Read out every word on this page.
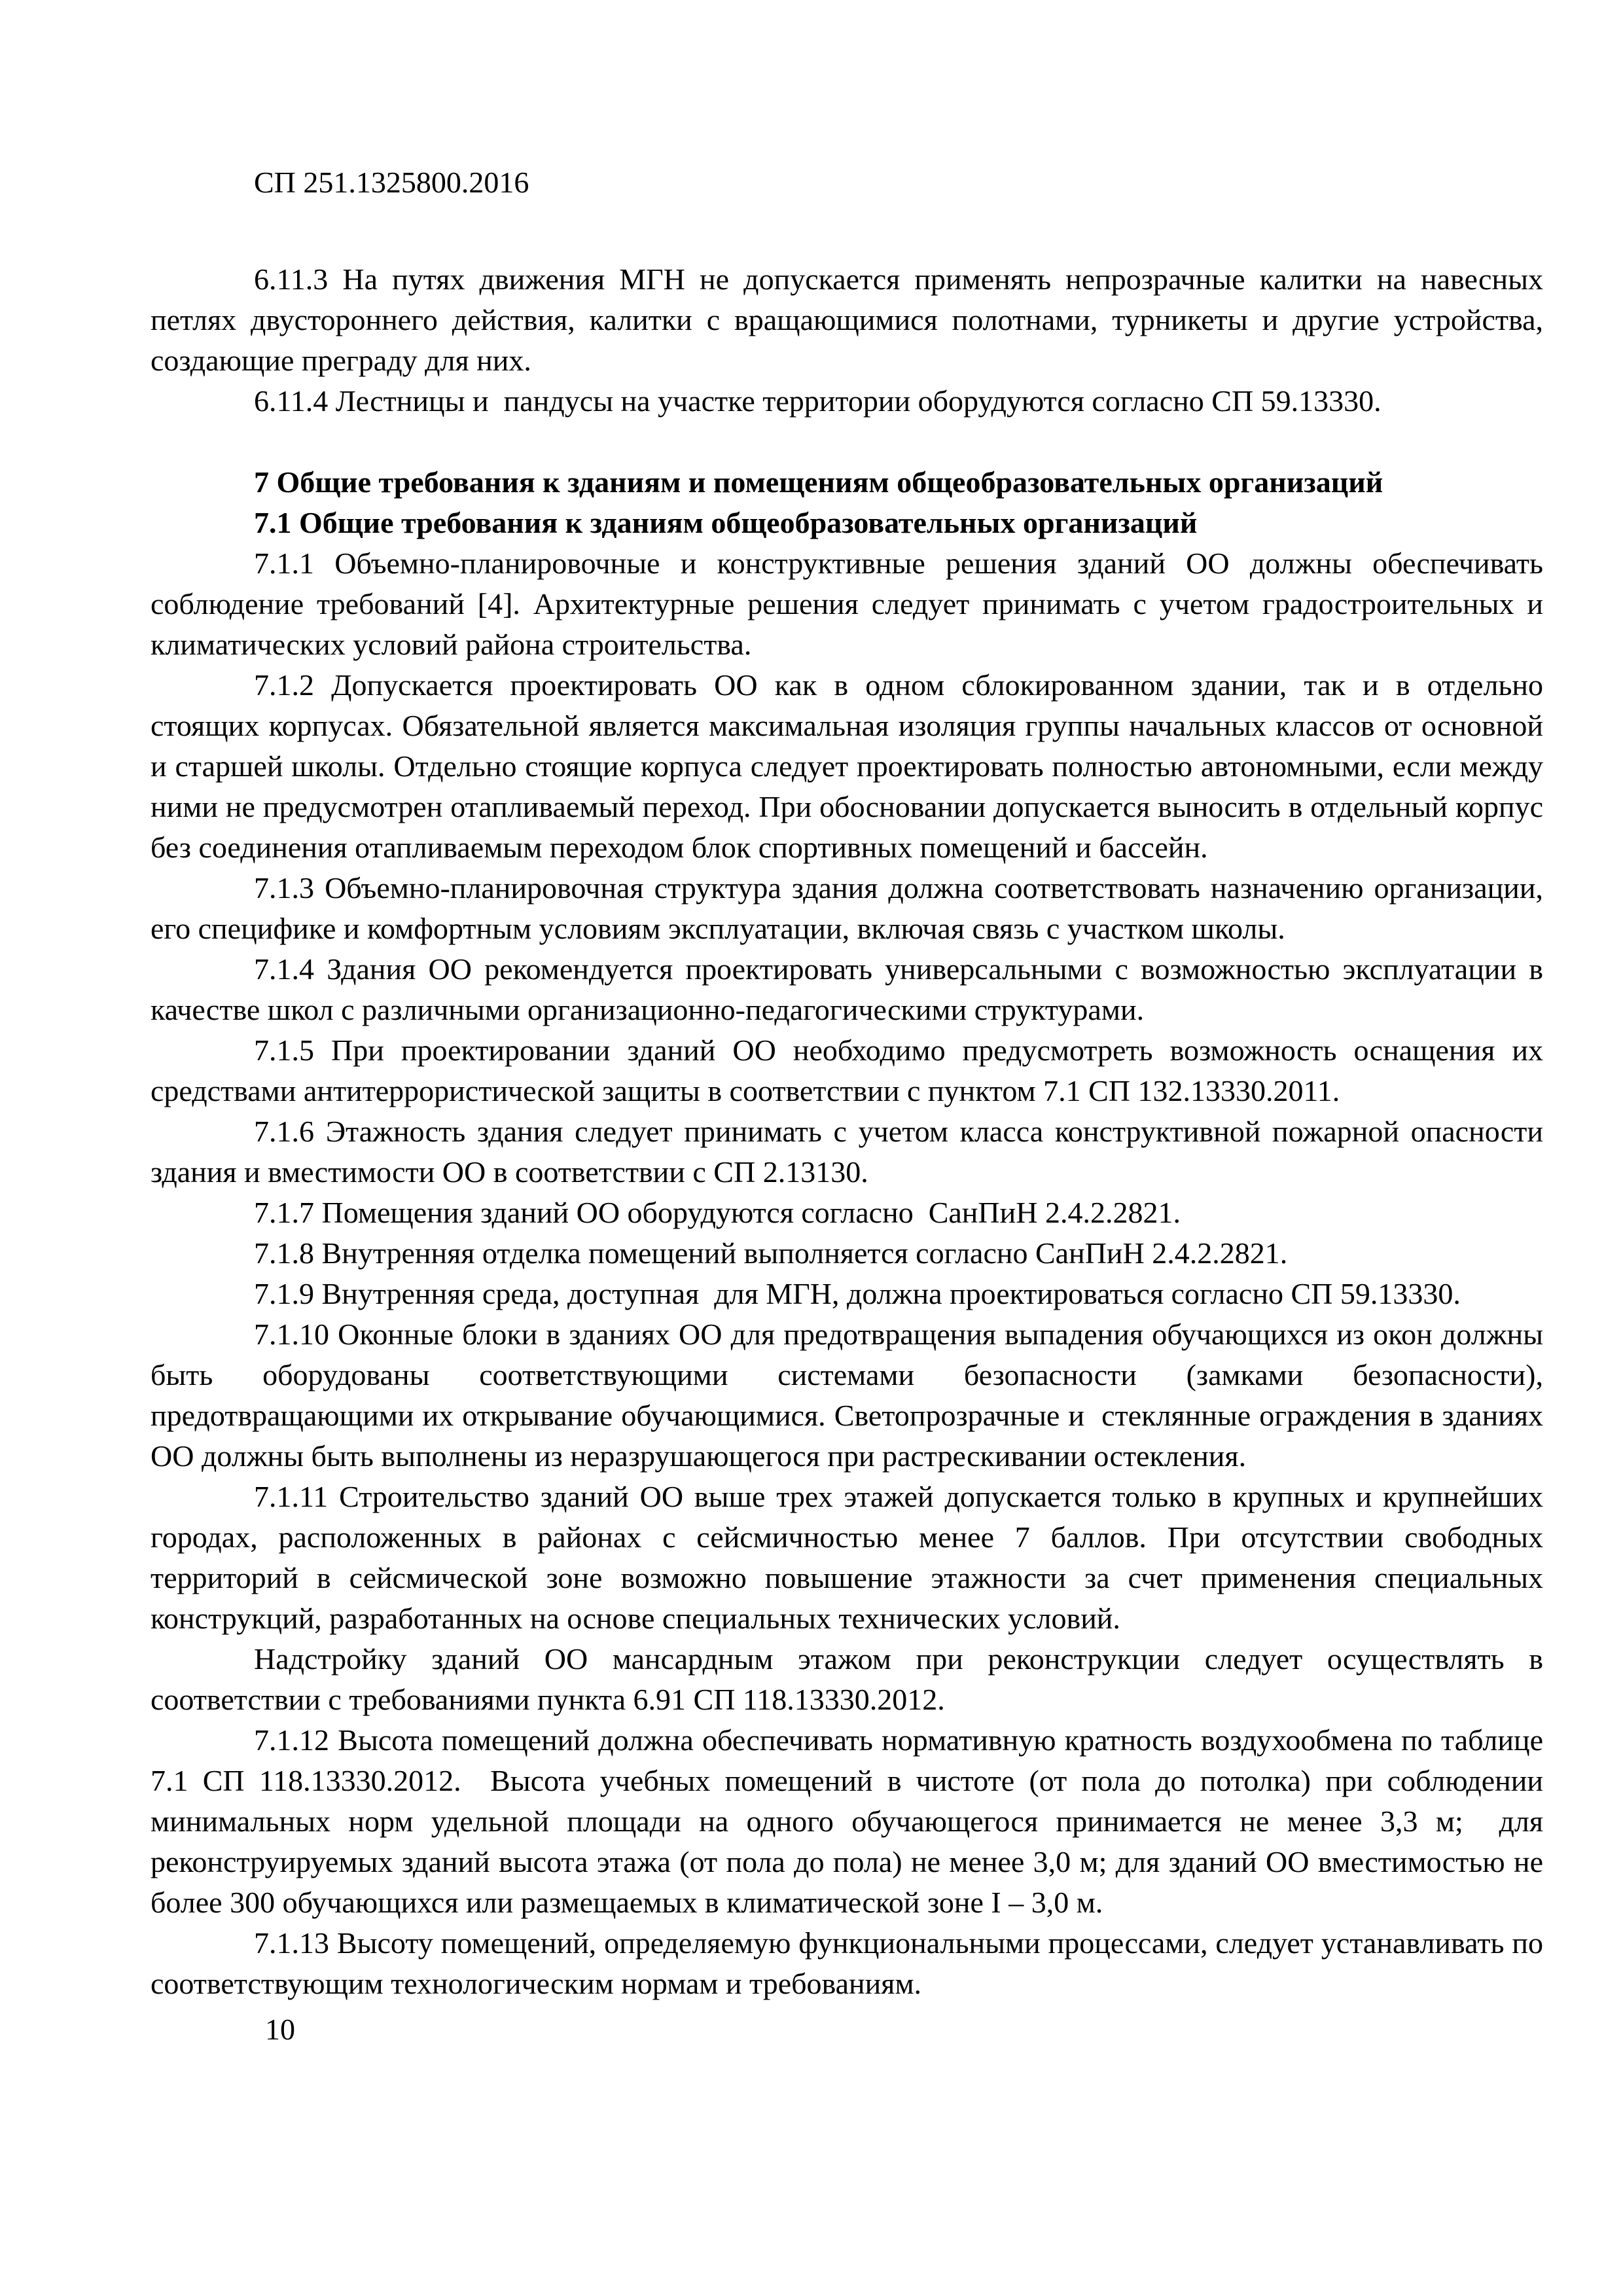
СП 251.1325800.2016

6.11.3 На путях движения МГН не допускается применять непрозрачные калитки на навесных петлях двустороннего действия, калитки с вращающимися полотнами, турникеты и другие устройства, создающие преграду для них.

6.11.4 Лестницы и  пандусы на участке территории оборудуются согласно СП 59.13330.

7 Общие требования к зданиям и помещениям общеобразовательных организаций

7.1 Общие требования к зданиям общеобразовательных организаций

7.1.1 Объемно-планировочные и конструктивные решения зданий ОО должны обеспечивать соблюдение требований [4]. Архитектурные решения следует принимать с учетом градостроительных и климатических условий района строительства.

7.1.2 Допускается проектировать ОО как в одном сблокированном здании, так и в отдельно стоящих корпусах. Обязательной является максимальная изоляция группы начальных классов от основной и старшей школы. Отдельно стоящие корпуса следует проектировать полностью автономными, если между ними не предусмотрен отапливаемый переход. При обосновании допускается выносить в отдельный корпус без соединения отапливаемым переходом блок спортивных помещений и бассейн.

7.1.3 Объемно-планировочная структура здания должна соответствовать назначению организации, его специфике и комфортным условиям эксплуатации, включая связь с участком школы.

7.1.4 Здания ОО рекомендуется проектировать универсальными с возможностью эксплуатации в качестве школ с различными организационно-педагогическими структурами.

7.1.5 При проектировании зданий ОО необходимо предусмотреть возможность оснащения их средствами антитеррористической защиты в соответствии с пунктом 7.1 СП 132.13330.2011.

7.1.6 Этажность здания следует принимать с учетом класса конструктивной пожарной опасности здания и вместимости ОО в соответствии с СП 2.13130.

7.1.7 Помещения зданий ОО оборудуются согласно  СанПиН 2.4.2.2821.

7.1.8 Внутренняя отделка помещений выполняется согласно СанПиН 2.4.2.2821.

7.1.9 Внутренняя среда, доступная  для МГН, должна проектироваться согласно СП 59.13330.

7.1.10 Оконные блоки в зданиях ОО для предотвращения выпадения обучающихся из окон должны быть оборудованы соответствующими системами безопасности (замками безопасности), предотвращающими их открывание обучающимися. Светопрозрачные и  стеклянные ограждения в зданиях ОО должны быть выполнены из неразрушающегося при растрескивании остекления.

7.1.11 Строительство зданий ОО выше трех этажей допускается только в крупных и крупнейших городах, расположенных в районах с сейсмичностью менее 7 баллов. При отсутствии свободных территорий в сейсмической зоне возможно повышение этажности за счет применения специальных конструкций, разработанных на основе специальных технических условий.

Надстройку зданий ОО мансардным этажом при реконструкции следует осуществлять в соответствии с требованиями пункта 6.91 СП 118.13330.2012.

7.1.12 Высота помещений должна обеспечивать нормативную кратность воздухообмена по таблице 7.1 СП 118.13330.2012.  Высота учебных помещений в чистоте (от пола до потолка) при соблюдении минимальных норм удельной площади на одного обучающегося принимается не менее 3,3 м;  для реконструируемых зданий высота этажа (от пола до пола) не менее 3,0 м; для зданий ОО вместимостью не более 300 обучающихся или размещаемых в климатической зоне I – 3,0 м.

7.1.13 Высоту помещений, определяемую функциональными процессами, следует устанавливать по соответствующим технологическим нормам и требованиям.

10
